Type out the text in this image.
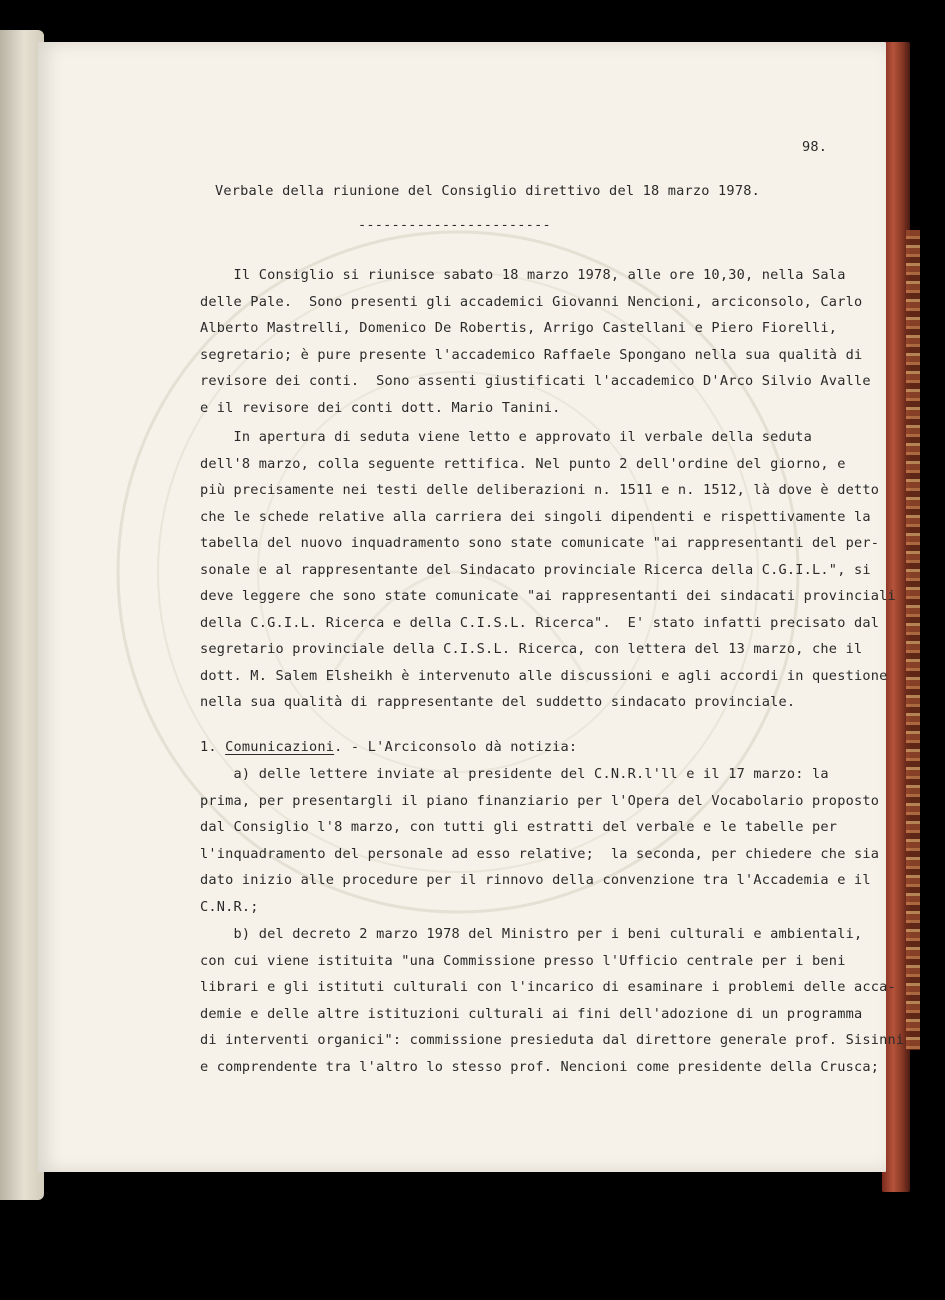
98.
Verbale della riunione del Consiglio direttivo del 18 marzo 1978.
-----------------------
Il Consiglio si riunisce sabato 18 marzo 1978, alle ore 10,30, nella Sala
delle Pale.  Sono presenti gli accademici Giovanni Nencioni, arciconsolo, Carlo
Alberto Mastrelli, Domenico De Robertis, Arrigo Castellani e Piero Fiorelli,
segretario; è pure presente l'accademico Raffaele Spongano nella sua qualità di
revisore dei conti.  Sono assenti giustificati l'accademico D'Arco Silvio Avalle
e il revisore dei conti dott. Mario Tanini.
In apertura di seduta viene letto e approvato il verbale della seduta
dell'8 marzo, colla seguente rettifica. Nel punto 2 dell'ordine del giorno, e
più precisamente nei testi delle deliberazioni n. 1511 e n. 1512, là dove è detto
che le schede relative alla carriera dei singoli dipendenti e rispettivamente la
tabella del nuovo inquadramento sono state comunicate "ai rappresentanti del per-
sonale e al rappresentante del Sindacato provinciale Ricerca della C.G.I.L.", si
deve leggere che sono state comunicate "ai rappresentanti dei sindacati provinciali
della C.G.I.L. Ricerca e della C.I.S.L. Ricerca".  E' stato infatti precisato dal
segretario provinciale della C.I.S.L. Ricerca, con lettera del 13 marzo, che il
dott. M. Salem Elsheikh è intervenuto alle discussioni e agli accordi in questione
nella sua qualità di rappresentante del suddetto sindacato provinciale.
1. Comunicazioni. - L'Arciconsolo dà notizia:
a) delle lettere inviate al presidente del C.N.R.l'll e il 17 marzo: la
prima, per presentargli il piano finanziario per l'Opera del Vocabolario proposto
dal Consiglio l'8 marzo, con tutti gli estratti del verbale e le tabelle per
l'inquadramento del personale ad esso relative;  la seconda, per chiedere che sia
dato inizio alle procedure per il rinnovo della convenzione tra l'Accademia e il
C.N.R.;
b) del decreto 2 marzo 1978 del Ministro per i beni culturali e ambientali,
con cui viene istituita "una Commissione presso l'Ufficio centrale per i beni
librari e gli istituti culturali con l'incarico di esaminare i problemi delle acca-
demie e delle altre istituzioni culturali ai fini dell'adozione di un programma
di interventi organici": commissione presieduta dal direttore generale prof. Sisinni
e comprendente tra l'altro lo stesso prof. Nencioni come presidente della Crusca;
